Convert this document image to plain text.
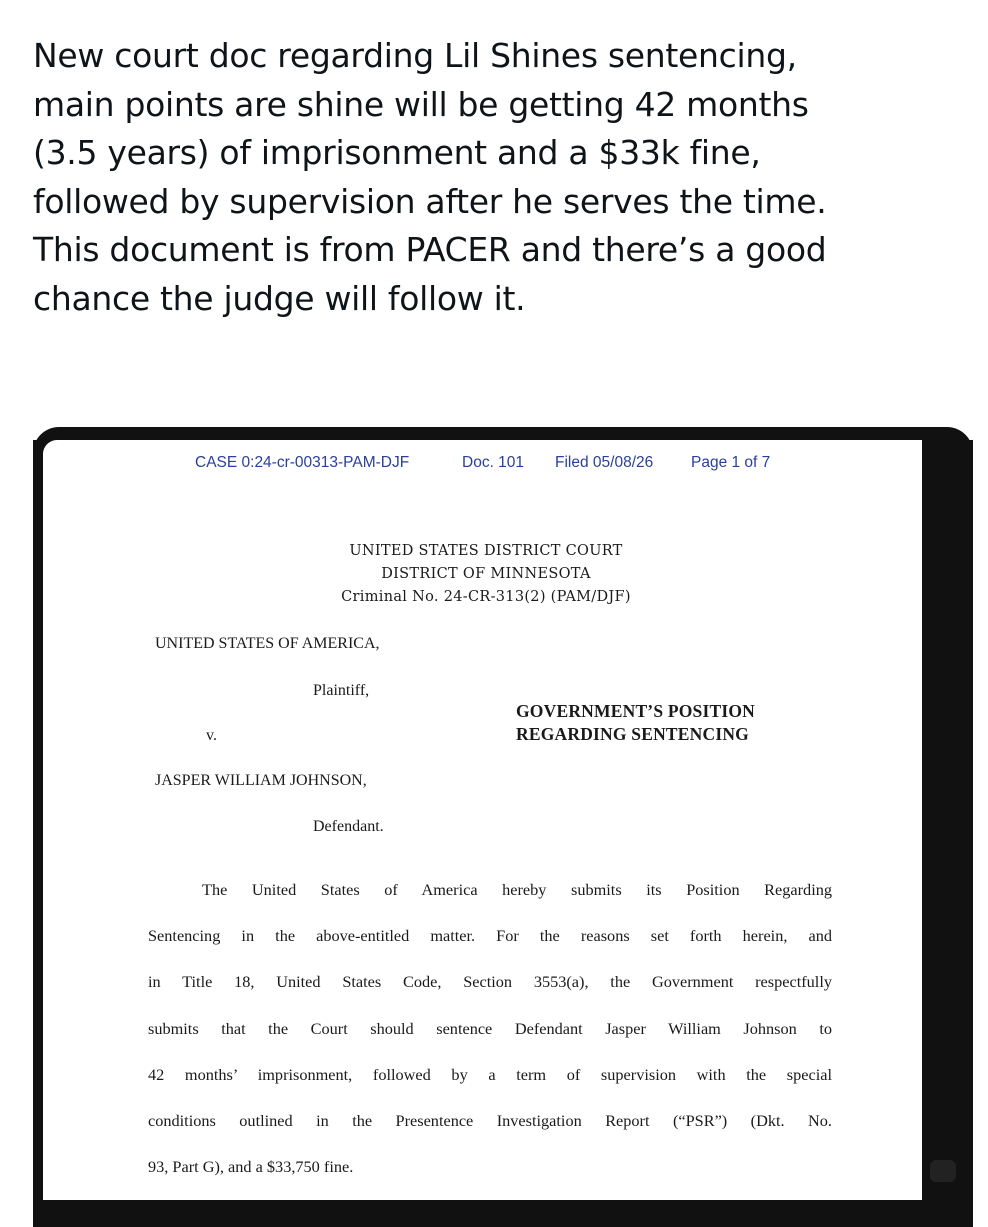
New court doc regarding Lil Shines sentencing,
main points are shine will be getting 42 months
(3.5 years) of imprisonment and a $33k fine,
followed by supervision after he serves the time.
This document is from PACER and there’s a good
chance the judge will follow it.
CASE 0:24-cr-00313-PAM-DJF	Doc. 101 Filed 05/08/26 Page 1 of 7
UNITED STATES DISTRICT COURT
DISTRICT OF MINNESOTA
Criminal No. 24-CR-313(2) (PAM/DJF)
UNITED STATES OF AMERICA,
Plaintiff,
v.
JASPER WILLIAM JOHNSON,
Defendant.
GOVERNMENT’S POSITION
REGARDING SENTENCING
The United States of America hereby submits its Position Regarding
Sentencing in the above-entitled matter. For the reasons set forth herein, and
in Title 18, United States Code, Section 3553(a), the Government respectfully
submits that the Court should sentence Defendant Jasper William Johnson to
42 months’ imprisonment, followed by a term of supervision with the special
conditions outlined in the Presentence Investigation Report (“PSR”) (Dkt. No.
93, Part G), and a $33,750 fine.
